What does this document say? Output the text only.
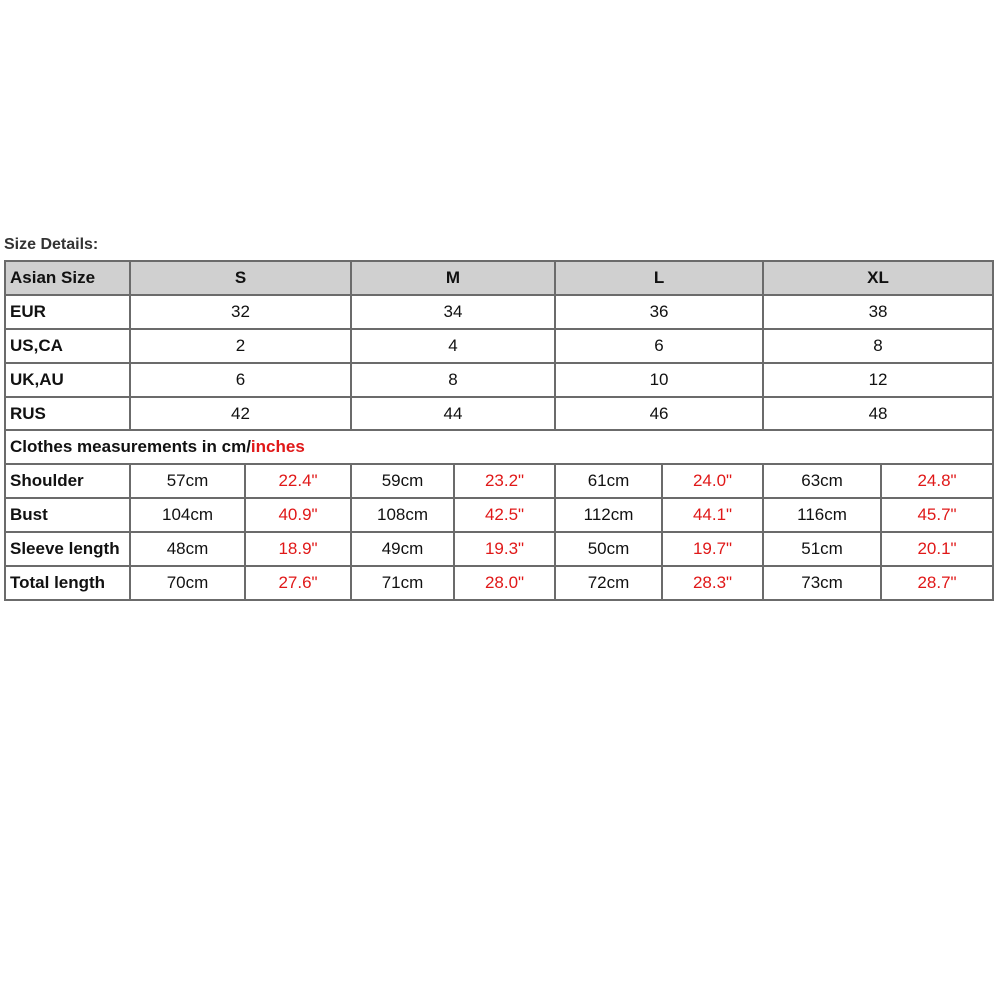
Size Details:
Asian Size	S		M		L		XL	
EUR	32		34		36		38	
US,CA	2		4		6		8	
UK,AU	6		8		10		12	
RUS	42		44		46		48	
Clothes measurements in cm/inches								
Shoulder	57cm	22.4"	59cm	23.2"	61cm	24.0"	63cm	24.8"
Bust	104cm	40.9"	108cm	42.5"	112cm	44.1"	116cm	45.7"
Sleeve length	48cm	18.9"	49cm	19.3"	50cm	19.7"	51cm	20.1"
Total length	70cm	27.6"	71cm	28.0"	72cm	28.3"	73cm	28.7"
